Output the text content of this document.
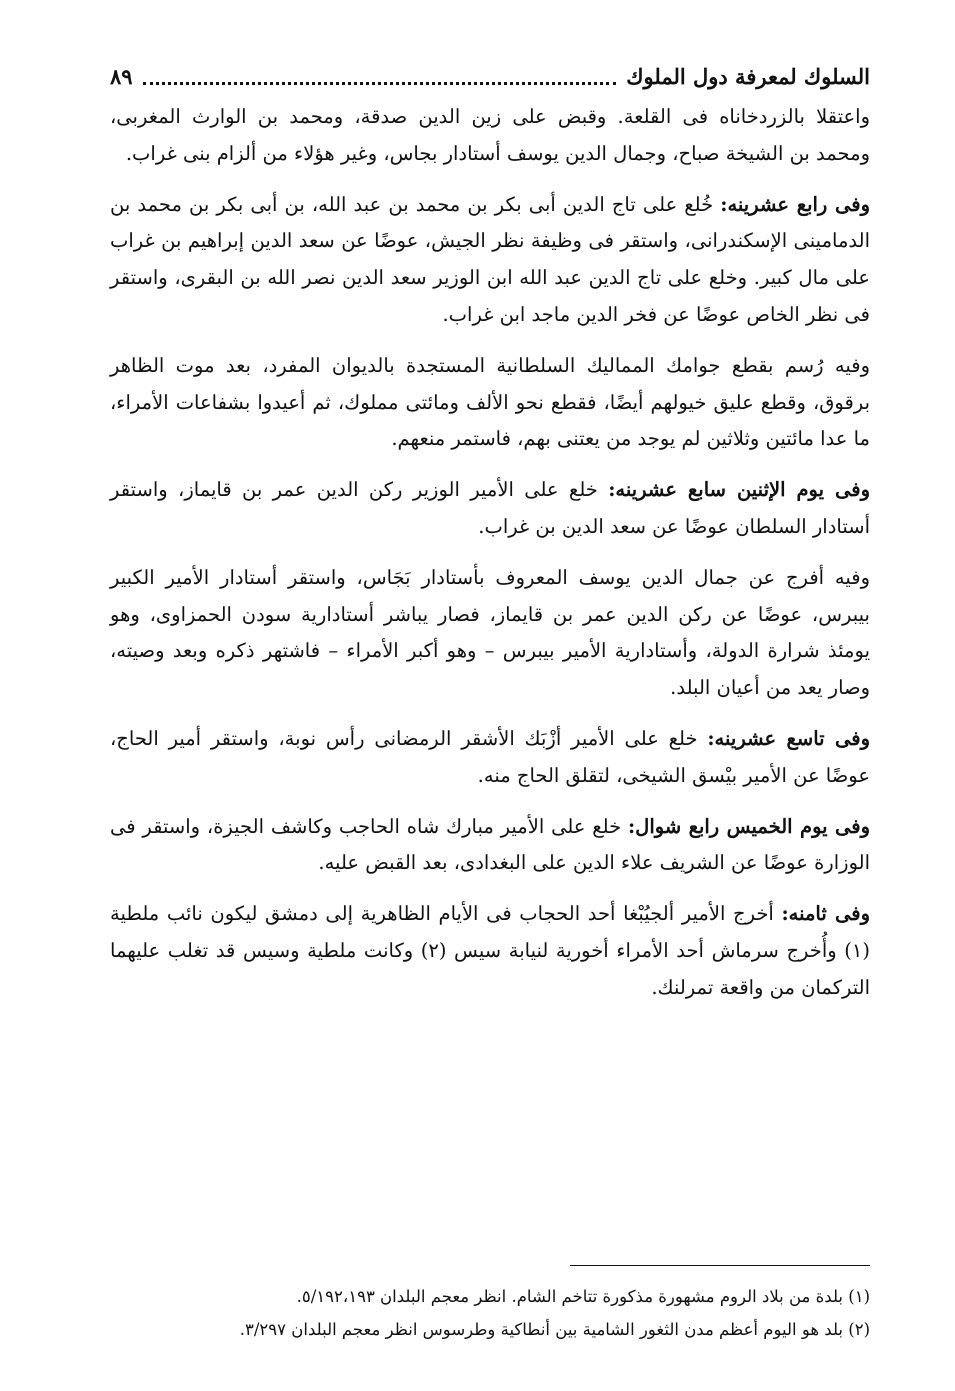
السلوك لمعرفة دول الملوك
٨٩

واعتقلا بالزردخاناه فى القلعة. وقبض على زين الدين صدقة، ومحمد بن الوارث المغربى، ومحمد بن الشيخة صباح، وجمال الدين يوسف أستادار بجاس، وغير هؤلاء من ألزام بنى غراب.

وفى رابع عشرينه: خُلع على تاج الدين أبى بكر بن محمد بن عبد الله، بن أبى بكر بن محمد بن الدمامينى الإسكندرانى، واستقر فى وظيفة نظر الجيش، عوضًا عن سعد الدين إبراهيم بن غراب على مال كبير. وخلع على تاج الدين عبد الله ابن الوزير سعد الدين نصر الله بن البقرى، واستقر فى نظر الخاص عوضًا عن فخر الدين ماجد ابن غراب.

وفيه رُسم بقطع جوامك المماليك السلطانية المستجدة بالديوان المفرد، بعد موت الظاهر برقوق، وقطع عليق خيولهم أيضًا، فقطع نحو الألف ومائتى مملوك، ثم أعيدوا بشفاعات الأمراء، ما عدا مائتين وثلاثين لم يوجد من يعتنى بهم، فاستمر منعهم.

وفى يوم الإثنين سابع عشرينه: خلع على الأمير الوزير ركن الدين عمر بن قايماز، واستقر أستادار السلطان عوضًا عن سعد الدين بن غراب.

وفيه أفرج عن جمال الدين يوسف المعروف بأستادار بَجَاس، واستقر أستادار الأمير الكبير بيبرس، عوضًا عن ركن الدين عمر بن قايماز، فصار يباشر أستادارية سودن الحمزاوى، وهو يومئذ شرارة الدولة، وأستادارية الأمير بيبرس – وهو أكبر الأمراء – فاشتهر ذكره وبعد وصيته، وصار يعد من أعيان البلد.

وفى تاسع عشرينه: خلع على الأمير أزْبَك الأشقر الرمضانى رأس نوبة، واستقر أمير الحاج، عوضًا عن الأمير بيْسق الشيخى، لتقلق الحاج منه.

وفى يوم الخميس رابع شوال: خلع على الأمير مبارك شاه الحاجب وكاشف الجيزة، واستقر فى الوزارة عوضًا عن الشريف علاء الدين على البغدادى، بعد القبض عليه.

وفى ثامنه: أخرج الأمير ألجيُبْغا أحد الحجاب فى الأيام الظاهرية إلى دمشق ليكون نائب ملطية (١) وأُخرج سرماش أحد الأمراء أخورية لنيابة سيس (٢) وكانت ملطية وسيس قد تغلب عليهما التركمان من واقعة تمرلنك.

(١) بلدة من بلاد الروم مشهورة مذكورة تتاخم الشام. انظر معجم البلدان ٥/١٩٢،١٩٣.
(٢) بلد هو اليوم أعظم مدن الثغور الشامية بين أنطاكية وطرسوس انظر معجم البلدان ٣/٢٩٧.
